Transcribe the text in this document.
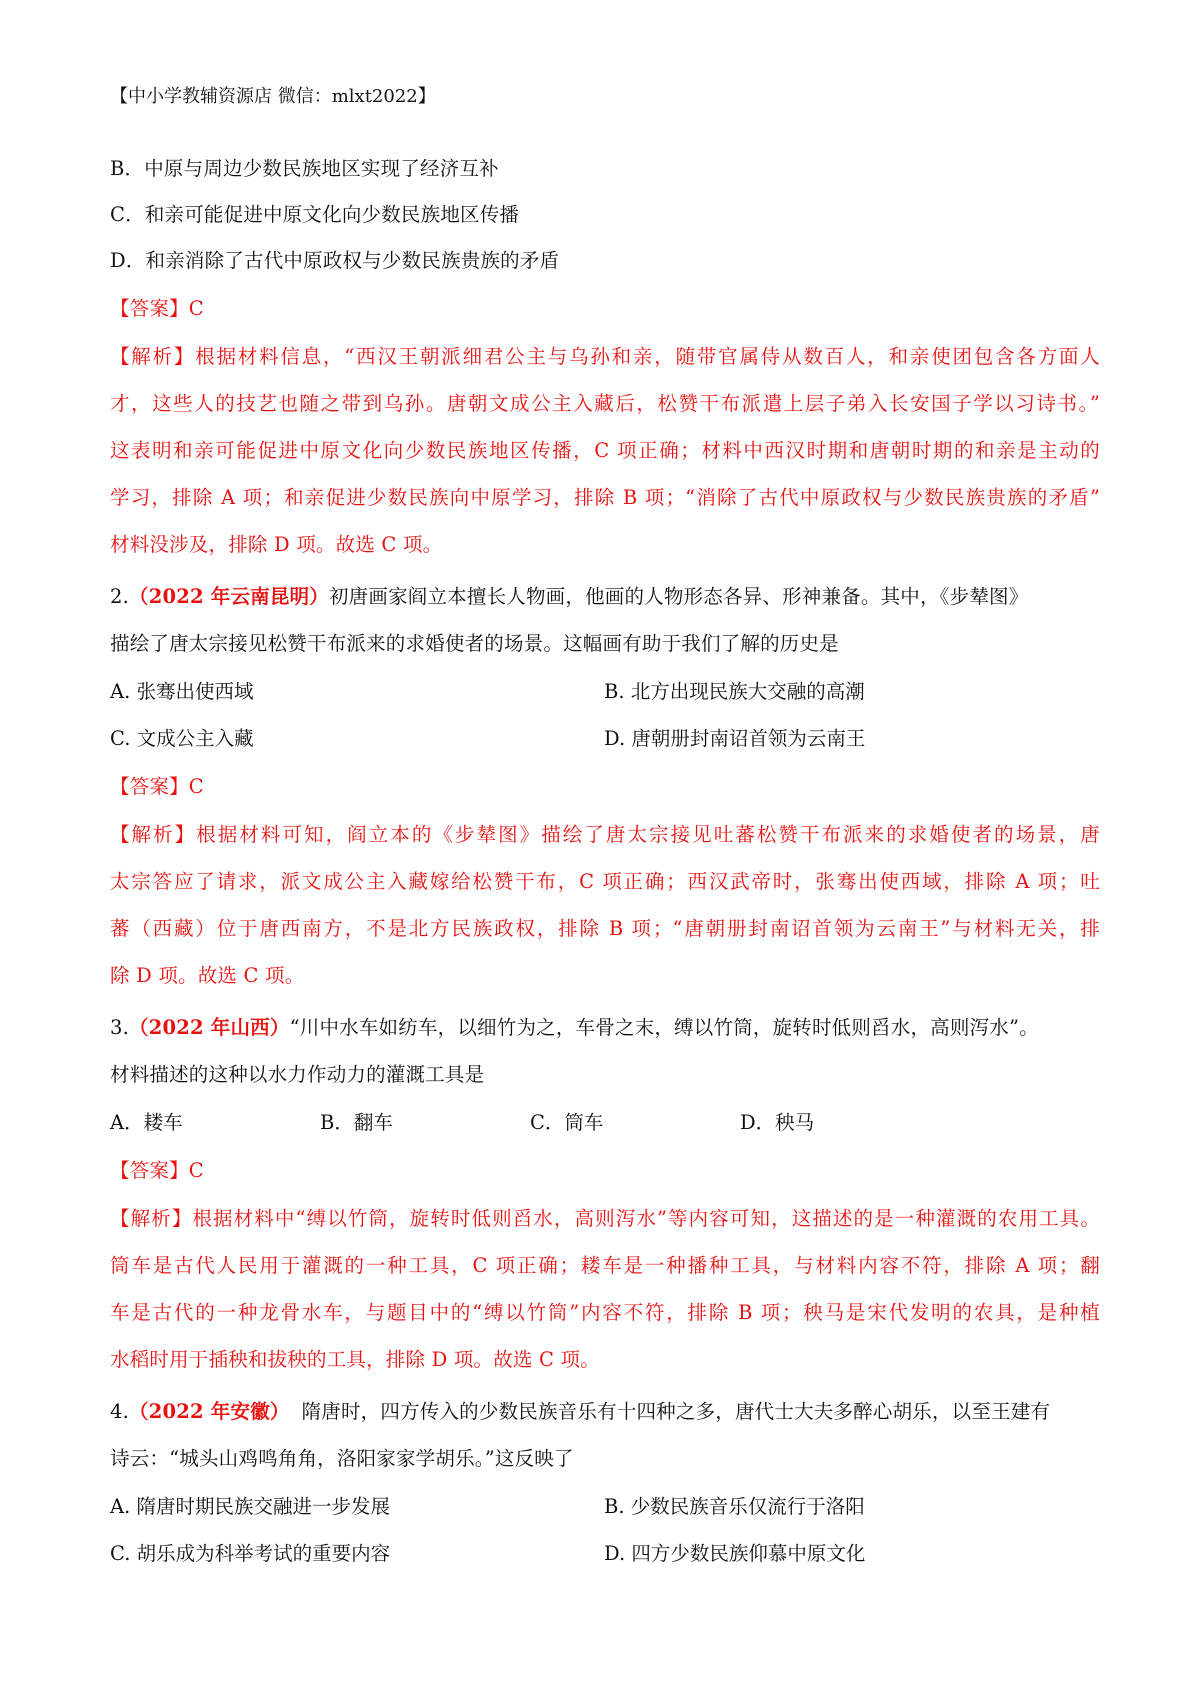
【中小学教辅资源店 微信：mlxt2022】
B．中原与周边少数民族地区实现了经济互补
C．和亲可能促进中原文化向少数民族地区传播
D．和亲消除了古代中原政权与少数民族贵族的矛盾
【答案】C
【解析】根据材料信息，“西汉王朝派细君公主与乌孙和亲，随带官属侍从数百人，和亲使团包含各方面人
才，这些人的技艺也随之带到乌孙。唐朝文成公主入藏后，松赞干布派遣上层子弟入长安国子学以习诗书。”
这表明和亲可能促进中原文化向少数民族地区传播，C 项正确；材料中西汉时期和唐朝时期的和亲是主动的
学习，排除 A 项；和亲促进少数民族向中原学习，排除 B 项；“消除了古代中原政权与少数民族贵族的矛盾”
材料没涉及，排除 D 项。故选 C 项。
2.（2022 年云南昆明）初唐画家阎立本擅长人物画，他画的人物形态各异、形神兼备。其中，《步辇图》
描绘了唐太宗接见松赞干布派来的求婚使者的场景。这幅画有助于我们了解的历史是
A. 张骞出使西域	B. 北方出现民族大交融的高潮
C. 文成公主入藏	D. 唐朝册封南诏首领为云南王
【答案】C
【解析】根据材料可知，阎立本的《步辇图》描绘了唐太宗接见吐蕃松赞干布派来的求婚使者的场景，唐
太宗答应了请求，派文成公主入藏嫁给松赞干布，C 项正确；西汉武帝时，张骞出使西域，排除 A 项；吐
蕃（西藏）位于唐西南方，不是北方民族政权，排除 B 项；“唐朝册封南诏首领为云南王”与材料无关，排
除 D 项。故选 C 项。
3.（2022 年山西）“川中水车如纺车，以细竹为之，车骨之末，缚以竹筒，旋转时低则舀水，高则泻水”。
材料描述的这种以水力作动力的灌溉工具是
A．耧车	B．翻车	C．筒车	D．秧马
【答案】C
【解析】根据材料中“缚以竹筒，旋转时低则舀水，高则泻水”等内容可知，这描述的是一种灌溉的农用工具。
筒车是古代人民用于灌溉的一种工具，C 项正确；耧车是一种播种工具，与材料内容不符，排除 A 项；翻
车是古代的一种龙骨水车，与题目中的“缚以竹筒”内容不符，排除 B 项；秧马是宋代发明的农具，是种植
水稻时用于插秧和拔秧的工具，排除 D 项。故选 C 项。
4.（2022 年安徽） 隋唐时，四方传入的少数民族音乐有十四种之多，唐代士大夫多醉心胡乐，以至王建有
诗云：“城头山鸡鸣角角，洛阳家家学胡乐。”这反映了
A. 隋唐时期民族交融进一步发展	B. 少数民族音乐仅流行于洛阳
C. 胡乐成为科举考试的重要内容	D. 四方少数民族仰慕中原文化
